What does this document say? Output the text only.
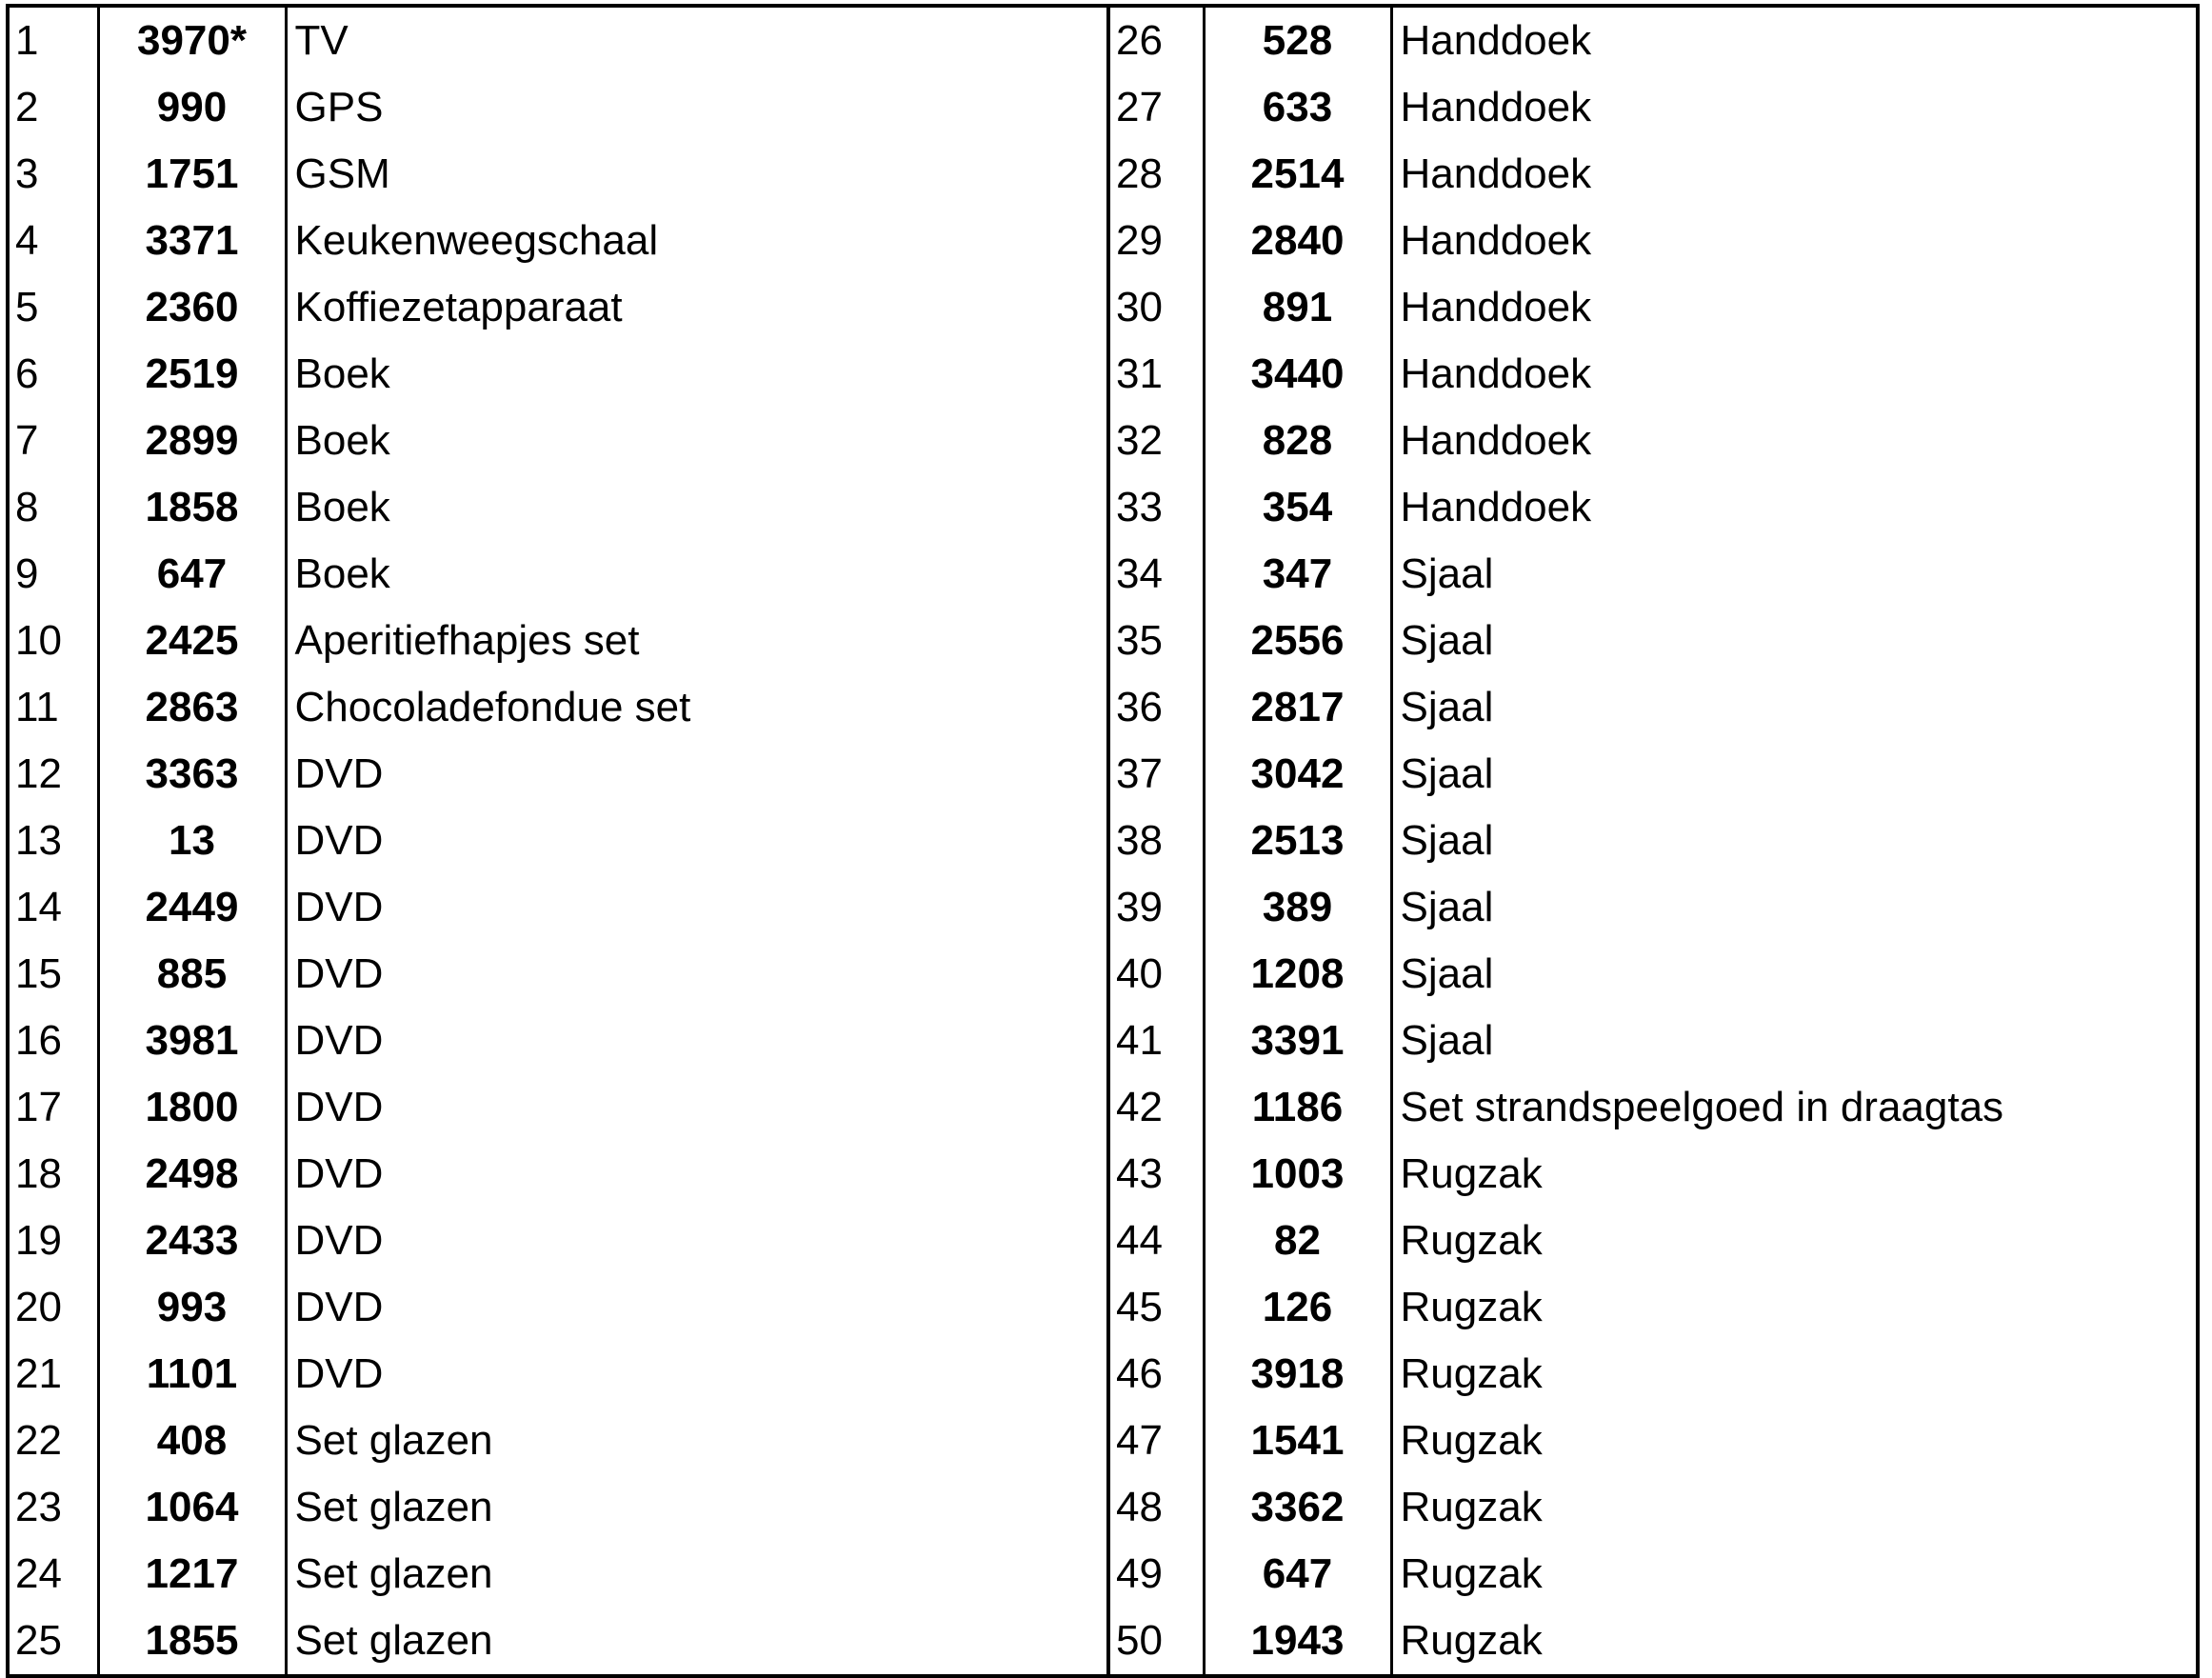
1	3970*	TV	26	528	Handdoek
2	990	GPS	27	633	Handdoek
3	1751	GSM	28	2514	Handdoek
4	3371	Keukenweegschaal	29	2840	Handdoek
5	2360	Koffiezetapparaat	30	891	Handdoek
6	2519	Boek	31	3440	Handdoek
7	2899	Boek	32	828	Handdoek
8	1858	Boek	33	354	Handdoek
9	647	Boek	34	347	Sjaal
10	2425	Aperitiefhapjes set	35	2556	Sjaal
11	2863	Chocoladefondue set	36	2817	Sjaal
12	3363	DVD	37	3042	Sjaal
13	13	DVD	38	2513	Sjaal
14	2449	DVD	39	389	Sjaal
15	885	DVD	40	1208	Sjaal
16	3981	DVD	41	3391	Sjaal
17	1800	DVD	42	1186	Set strandspeelgoed in draagtas
18	2498	DVD	43	1003	Rugzak
19	2433	DVD	44	82	Rugzak
20	993	DVD	45	126	Rugzak
21	1101	DVD	46	3918	Rugzak
22	408	Set glazen	47	1541	Rugzak
23	1064	Set glazen	48	3362	Rugzak
24	1217	Set glazen	49	647	Rugzak
25	1855	Set glazen	50	1943	Rugzak
